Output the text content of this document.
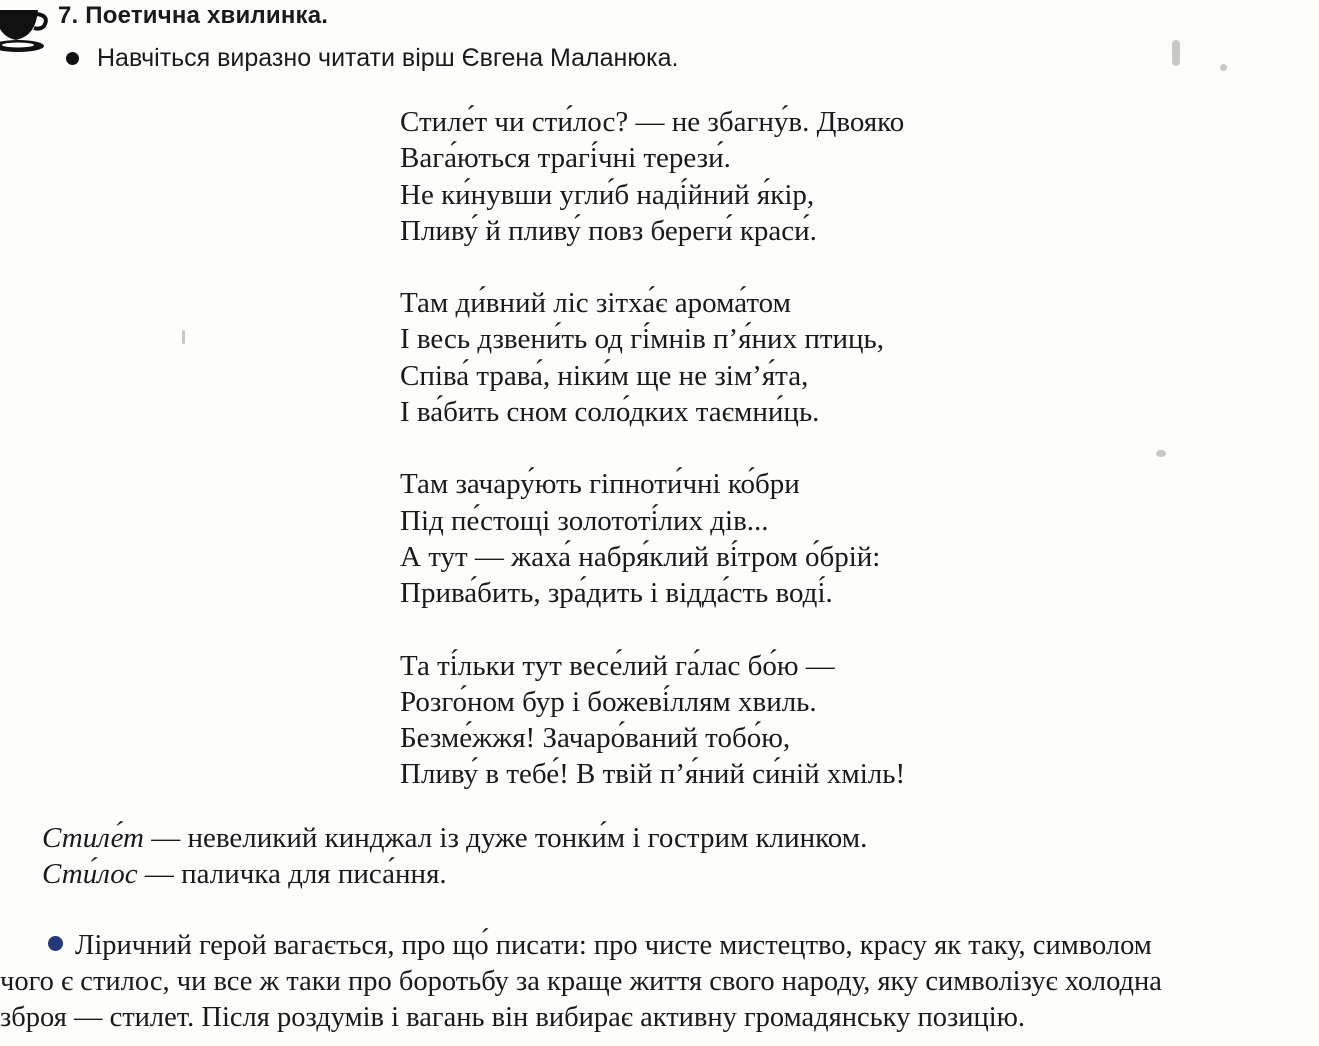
7. Поетична хвилинка.
Навчіться виразно читати вірш Євгена Маланюка.

Стиле́т чи сти́лос? — не збагну́в. Двояко
Вага́ються трагі́чні терези́.
Не ки́нувши угли́б наді́йний я́кір,
Пливу́ й пливу́ повз береги́ краси́.

Там ди́вний ліс зітха́є арома́том
І весь дзвени́ть од гі́мнів п’я́них птиць,
Співа́ трава́, ніки́м ще не зім’я́та,
І ва́бить сном соло́дких таємни́ць.

Там зачару́ють гіпноти́чні ко́бри
Під пе́стощі золототі́лих дів...
А тут — жаха́ набря́клий ві́тром о́брій:
Прива́бить, зра́дить і відда́сть воді́.

Та ті́льки тут весе́лий га́лас бо́ю —
Розго́ном бур і божеві́ллям хвиль.
Безме́жжя! Зачаро́ваний тобо́ю,
Пливу́ в тебе́! В твій п’я́ний си́ній хміль!

Стиле́т — невеликий кинджал із дуже тонки́м і гострим клинком.
Сти́лос — паличка для писа́ння.
Ліричний герой вагається, про що́ писати: про чисте мистецтво, красу як таку, символом
чого є стилос, чи все ж таки про боротьбу за краще життя свого народу, яку символізує холодна
зброя — стилет. Після роздумів і вагань він вибирає активну громадянську позицію.
